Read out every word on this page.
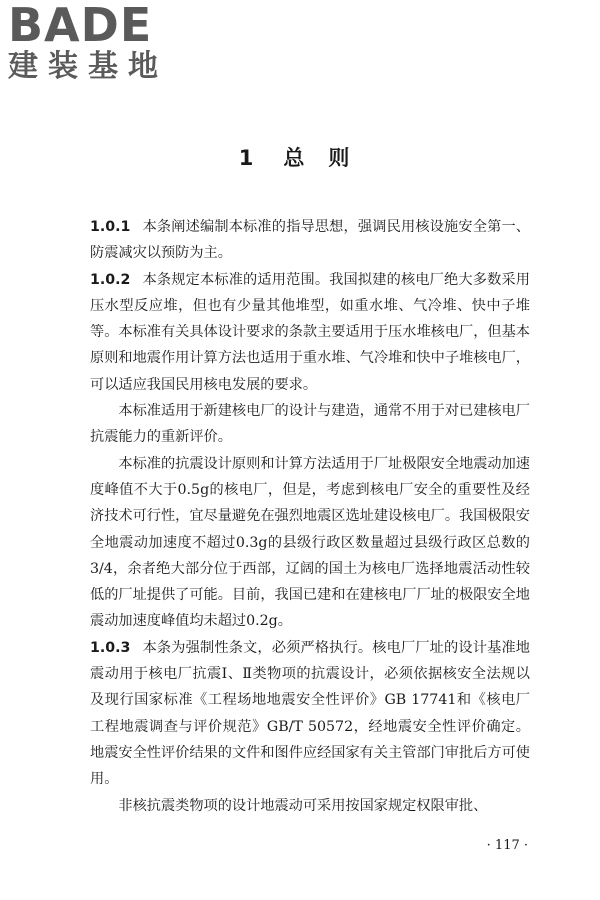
BADE
建装基地
1 总 则

1.0.1 本条阐述编制本标准的指导思想，强调民用核设施安全第一、防震减灾以预防为主。

1.0.2 本条规定本标准的适用范围。我国拟建的核电厂绝大多数采用压水型反应堆，但也有少量其他堆型，如重水堆、气冷堆、快中子堆等。本标准有关具体设计要求的条款主要适用于压水堆核电厂，但基本原则和地震作用计算方法也适用于重水堆、气冷堆和快中子堆核电厂，可以适应我国民用核电发展的要求。

本标准适用于新建核电厂的设计与建造，通常不用于对已建核电厂抗震能力的重新评价。

本标准的抗震设计原则和计算方法适用于厂址极限安全地震动加速度峰值不大于0.5g的核电厂，但是，考虑到核电厂安全的重要性及经济技术可行性，宜尽量避免在强烈地震区选址建设核电厂。我国极限安全地震动加速度不超过0.3g的县级行政区数量超过县级行政区总数的3/4，余者绝大部分位于西部，辽阔的国土为核电厂选择地震活动性较低的厂址提供了可能。目前，我国已建和在建核电厂厂址的极限安全地震动加速度峰值均未超过0.2g。

1.0.3 本条为强制性条文，必须严格执行。核电厂厂址的设计基准地震动用于核电厂抗震Ⅰ、Ⅱ类物项的抗震设计，必须依据核安全法规以及现行国家标准《工程场地地震安全性评价》GB 17741和《核电厂工程地震调查与评价规范》GB/T 50572，经地震安全性评价确定。地震安全性评价结果的文件和图件应经国家有关主管部门审批后方可使用。

非核抗震类物项的设计地震动可采用按国家规定权限审批、

· 117 ·
